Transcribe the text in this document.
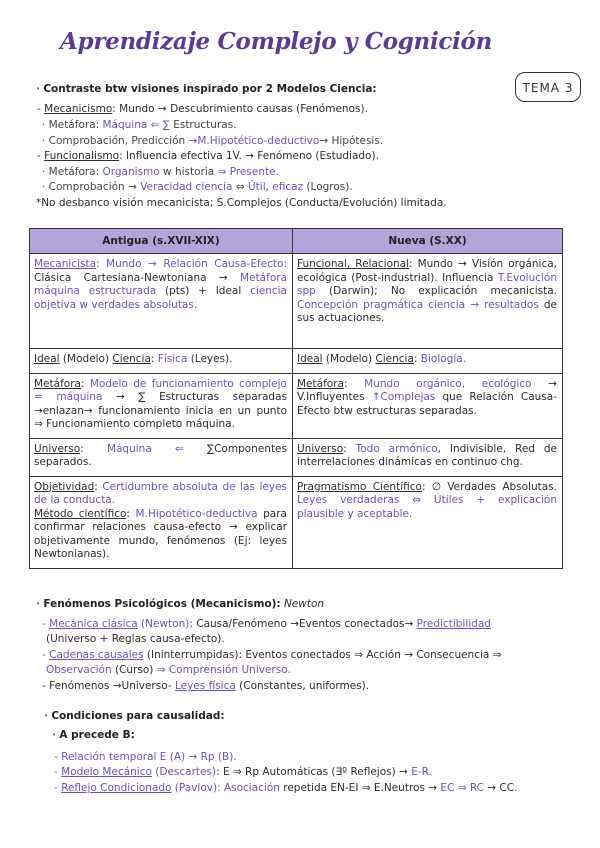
Aprendizaje Complejo y Cognición
TEMA 3
· Contraste btw visiones inspirado por 2 Modelos Ciencia:
- Mecanicismo: Mundo → Descubrimiento causas (Fenómenos).
· Metáfora: Máquina ⇐ ∑ Estructuras.
· Comprobación, Predicción →M.Hipotético-deductivo→ Hipótesis.
- Funcionalismo: Influencia efectiva 1V. → Fenómeno (Estudiado).
· Metáfora: Organismo w historia ⇒ Presente.
· Comprobación → Veracidad ciencia ⇔ Útil, eficaz (Logros).
*No desbanco visión mecanicista; S.Complejos (Conducta/Evolución) limitada.
Antigua (s.XVII-XIX)	Nueva (S.XX)
Mecanicista: Mundo → Relación Causa-Efecto: Clásica Cartesiana-Newtoniana → Metáfora máquina estructurada (pts) + Ideal ciencia objetiva w verdades absolutas.	Funcional, Relacional: Mundo → Visión orgánica, ecológica (Post-industrial). Influencia T.Evolución spp (Darwin); No explicación mecanicista. Concepción pragmática ciencia → resultados de sus actuaciones.
Ideal (Modelo) Ciencia: Física (Leyes).	Ideal (Modelo) Ciencia: Biología.
Metáfora: Modelo de funcionamiento complejo = máquina → ∑ Estructuras separadas →enlazan→ funcionamiento inicia en un punto ⇒ Funcionamiento completo máquina.	Metáfora: Mundo orgánico, ecológico → V.Influyentes ↑Complejas que Relación Causa-Efecto btw estructuras separadas.
Universo: Máquina ⇐ ∑Componentes separados.	Universo: Todo armónico, Indivisible, Red de interrelaciones dinámicas en continuo chg.
Objetividad: Certidumbre absoluta de las leyes de la conducta.
Método científico: M.Hipotético-deductiva para confirmar relaciones causa-efecto → explicar objetivamente mundo, fenómenos (Ej: leyes Newtonianas).	Pragmatismo Científico: ∅ Verdades Absolutas. Leyes verdaderas ⇔ Útiles + explicación plausible y aceptable.
· Fenómenos Psicológicos (Mecanicismo): Newton
- Mecánica clásica (Newton): Causa/Fenómeno →Eventos conectados→ Predictibilidad
(Universo + Reglas causa-efecto).
- Cadenas causales (Ininterrumpidas): Eventos conectados ⇒ Acción → Consecuencia ⇒
Observación (Curso) ⇒ Comprensión Universo.
- Fenómenos →Universo- Leyes física (Constantes, uniformes).
· Condiciones para causalidad:
· A precede B:
- Relación temporal E (A) → Rp (B).
- Modelo Mecánico (Descartes): E ⇒ Rp Automáticas (∃º Reflejos) → E-R.
- Reflejo Condicionado (Pavlov): Asociación repetida EN-EI ⇒ E.Neutros → EC ⇒ RC → CC.
